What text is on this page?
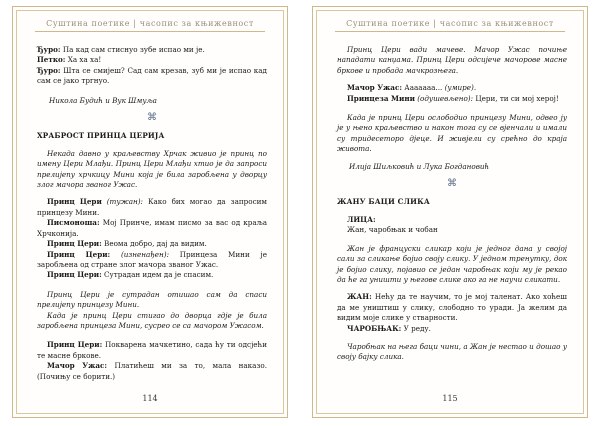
Суштина поетике | часопис за књижевност

Ђуро: Па кад сам стиснуо зубе испао ми је.

Петко: Ха ха ха!

Ђуро: Шта се смијеш? Сад сам крезав, зуб ми је испао кад сам се јако тргнуо.

Никола Будић и Вук Шмуља

⌘

ХРАБРОСТ ПРИНЦА ЦЕРИЈА

Некада давно у краљевству Хрчак живио је принц по имену Цери Млађи. Принц Цери Млађи хтио је да запроси прелијепу хрчкицу Мини која је била заробљена у дворцу злог мачора званог Ужас.

Принц Цери (тужан): Како бих могао да запросим принцезу Мини.

Писмоноша: Мој Принче, имам писмо за вас од краља Хрчконија.

Принц Цери: Веома добро, дај да видим.

Принц Цери: (изненађен): Принцеза Мини је заробљена од стране злог мачора званог Ужас.

Принц Цери: Сутрадан идем да је спасим.

Принц Цери је сутрадан отишао сам да спаси прелијепу принцезу Мини.

Када је принц Цери стигао до дворца гдје је била заробљена принцеза Мини, сусрео се са мачором Ужасом.

Принц Цери: Покварена мачкетино, сада ћу ти одсјећи те масне бркове.

Мачор Ужас: Платићеш ми за то, мала наказо. (Почињу се борити.)

114
Суштина поетике | часопис за књижевност

Принц Цери вади мачеве. Мачор Ужас почиње нападати канџама. Принц Цери одсијече мачорове масне бркове и пробада мачкрозњега.

Мачор Ужас: Ааааааа... (умире).

Принцеза Мини (одушевљено): Цери, ти си мој херој!

Када је принц Цери ослободио принцезу Мини, одвео ју је у њено краљевство и након тога су се вјенчали и имали су тридесеторо дјеце. И живјели су срећно до краја живота.

Илија Шиљковић и Лука Богдановић

⌘

ЖАНУ БАЦИ СЛИКА

ЛИЦА:

Жан, чаробњак и чобан

Жан је француски сликар који је једног дана у својој сали за сликање бојио своју слику. У једном тренутку, док је бојио слику, појавио се један чаробњак који му је рекао да ће га уништи у његове слике ако га не научи сликати.

ЖАН: Нећу да те научим, то је мој таленат. Ако хоћеш да ме уништиш у слику, слободно то уради. Ја желим да видим моје слике у стварности.

ЧАРОБЊАК: У реду.

Чаробњак на њега баци чини, а Жан је нестао и дошао у своју бајку слика.

115
